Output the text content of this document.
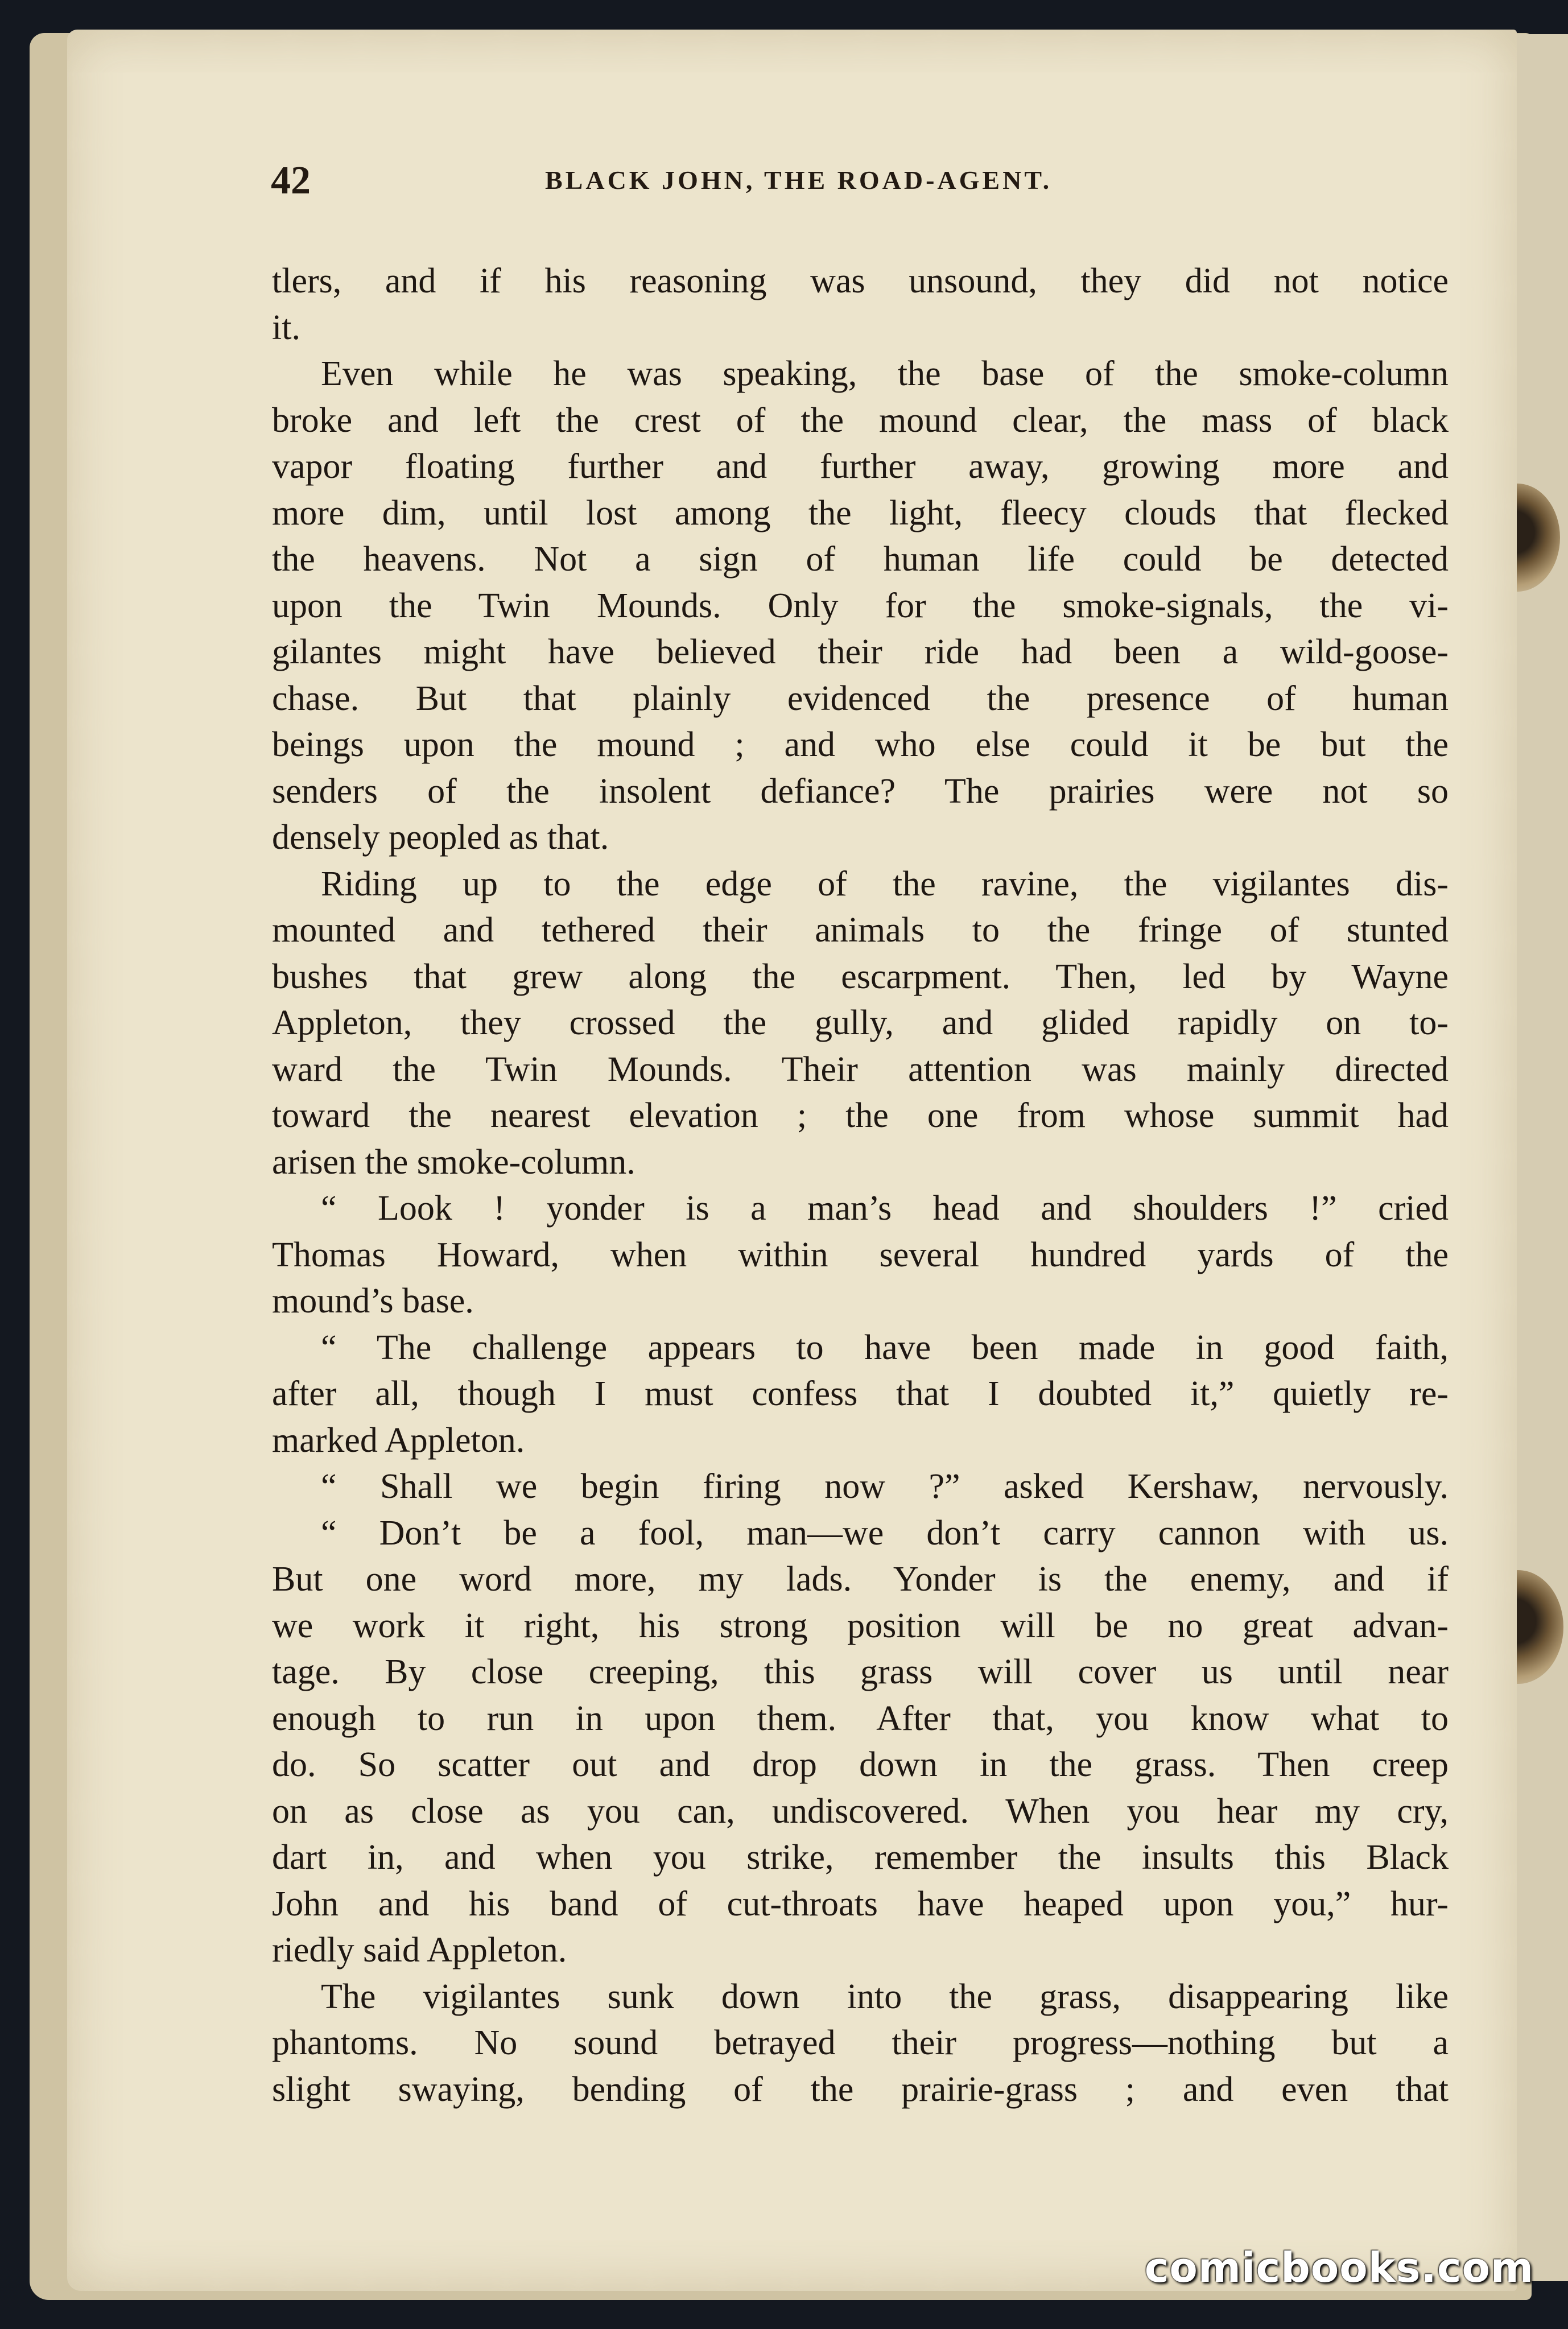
42	BLACK JOHN, THE ROAD-AGENT.
tlers, and if his reasoning was unsound, they did not notice
it.
Even while he was speaking, the base of the smoke-column
broke and left the crest of the mound clear, the mass of black
vapor floating further and further away, growing more and
more dim, until lost among the light, fleecy clouds that flecked
the heavens. Not a sign of human life could be detected
upon the Twin Mounds. Only for the smoke-signals, the vi-
gilantes might have believed their ride had been a wild-goose-
chase. But that plainly evidenced the presence of human
beings upon the mound ; and who else could it be but the
senders of the insolent defiance? The prairies were not so
densely peopled as that.
Riding up to the edge of the ravine, the vigilantes dis-
mounted and tethered their animals to the fringe of stunted
bushes that grew along the escarpment. Then, led by Wayne
Appleton, they crossed the gully, and glided rapidly on to-
ward the Twin Mounds. Their attention was mainly directed
toward the nearest elevation ; the one from whose summit had
arisen the smoke-column.
“ Look ! yonder is a man’s head and shoulders !” cried
Thomas Howard, when within several hundred yards of the
mound’s base.
“ The challenge appears to have been made in good faith,
after all, though I must confess that I doubted it,” quietly re-
marked Appleton.
“ Shall we begin firing now ?” asked Kershaw, nervously.
“ Don’t be a fool, man—we don’t carry cannon with us.
But one word more, my lads. Yonder is the enemy, and if
we work it right, his strong position will be no great advan-
tage. By close creeping, this grass will cover us until near
enough to run in upon them. After that, you know what to
do. So scatter out and drop down in the grass. Then creep
on as close as you can, undiscovered. When you hear my cry,
dart in, and when you strike, remember the insults this Black
John and his band of cut-throats have heaped upon you,” hur-
riedly said Appleton.
The vigilantes sunk down into the grass, disappearing like
phantoms. No sound betrayed their progress—nothing but a
slight swaying, bending of the prairie-grass ; and even that
comicbooks.com
